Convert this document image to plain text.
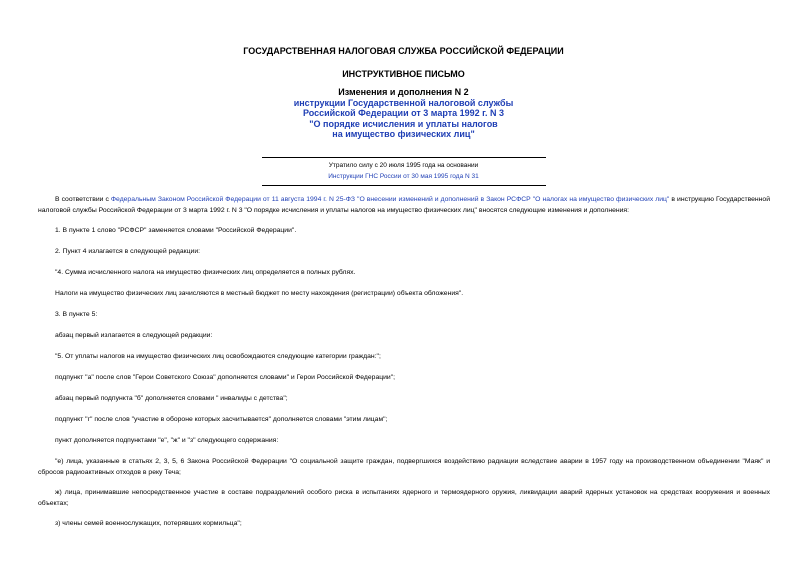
ГОСУДАРСТВЕННАЯ НАЛОГОВАЯ СЛУЖБА РОССИЙСКОЙ ФЕДЕРАЦИИ
ИНСТРУКТИВНОЕ ПИСЬМО
Изменения и дополнения N 2
инструкции Государственной налоговой службы
Российской Федерации от 3 марта 1992 г. N 3
"О порядке исчисления и уплаты налогов
на имущество физических лиц"
Утратило силу с 20 июля 1995 года на основании
Инструкции ГНС России от 30 мая 1995 года N 31
В соответствии с Федеральным Законом Российской Федерации от 11 августа 1994 г. N 25-ФЗ "О внесении изменений и дополнений в Закон РСФСР "О налогах на имущество физических лиц" в инструкцию Государственной налоговой службы Российской Федерации от 3 марта 1992 г. N 3 "О порядке исчисления и уплаты налогов на имущество физических лиц" вносятся следующие изменения и дополнения:
1. В пункте 1 слово "РСФСР" заменяется словами "Российской Федерации".
2. Пункт 4 излагается в следующей редакции:
"4. Сумма исчисленного налога на имущество физических лиц определяется в полных рублях.
Налоги на имущество физических лиц зачисляются в местный бюджет по месту нахождения (регистрации) объекта обложения".
3. В пункте 5:
абзац первый излагается в следующей редакции:
"5. От уплаты налогов на имущество физических лиц освобождаются следующие категории граждан:";
подпункт "а" после слов "Герои Советского Союза" дополняется словами" и Герои Российской Федерации";
абзац первый подпункта "б" дополняется словами " инвалиды с детства";
подпункт "г" после слов "участие в обороне которых засчитывается" дополняется словами "этим лицам";
пункт дополняется подпунктами "е", "ж" и "з" следующего содержания:
"е) лица, указанные в статьях 2, 3, 5, 6 Закона Российской Федерации "О социальной защите граждан, подвергшихся воздействию радиации вследствие аварии в 1957 году на производственном объединении "Маяк" и сбросов радиоактивных отходов в реку Теча;
ж) лица, принимавшие непосредственное участие в составе подразделений особого риска в испытаниях ядерного и термоядерного оружия, ликвидации аварий ядерных установок на средствах вооружения и военных объектах;
з) члены семей военнослужащих, потерявших кормильца";
